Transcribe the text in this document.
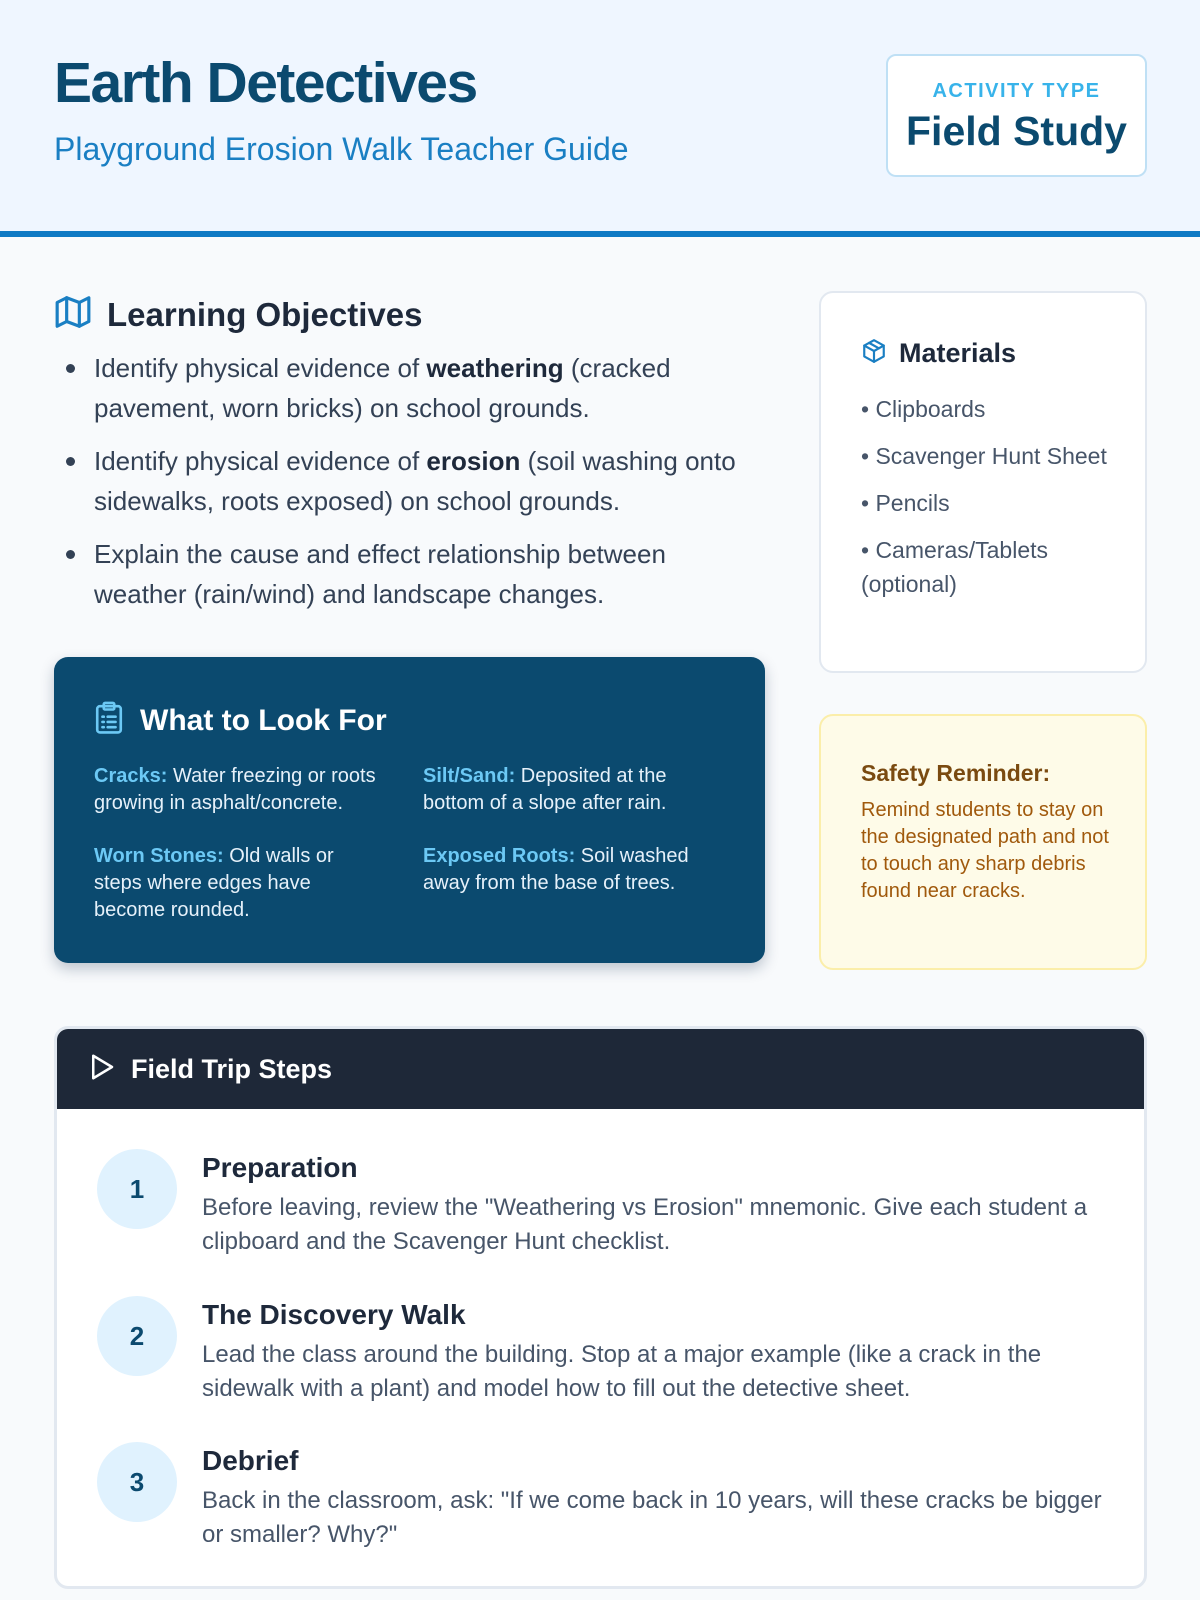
Earth Detectives
Playground Erosion Walk Teacher Guide
ACTIVITY TYPE
Field Study
Learning Objectives
Identify physical evidence of weathering (cracked pavement, worn bricks) on school grounds.
Identify physical evidence of erosion (soil washing onto sidewalks, roots exposed) on school grounds.
Explain the cause and effect relationship between weather (rain/wind) and landscape changes.
What to Look For
Cracks: Water freezing or roots growing in asphalt/concrete.
Silt/Sand: Deposited at the bottom of a slope after rain.
Worn Stones: Old walls or steps where edges have become rounded.
Exposed Roots: Soil washed away from the base of trees.
Materials
• Clipboards
• Scavenger Hunt Sheet
• Pencils
• Cameras/Tablets (optional)
Safety Reminder:
Remind students to stay on the designated path and not to touch any sharp debris found near cracks.
Field Trip Steps
1
Preparation
Before leaving, review the "Weathering vs Erosion" mnemonic. Give each student a clipboard and the Scavenger Hunt checklist.
2
The Discovery Walk
Lead the class around the building. Stop at a major example (like a crack in the sidewalk with a plant) and model how to fill out the detective sheet.
3
Debrief
Back in the classroom, ask: "If we come back in 10 years, will these cracks be bigger or smaller? Why?"
